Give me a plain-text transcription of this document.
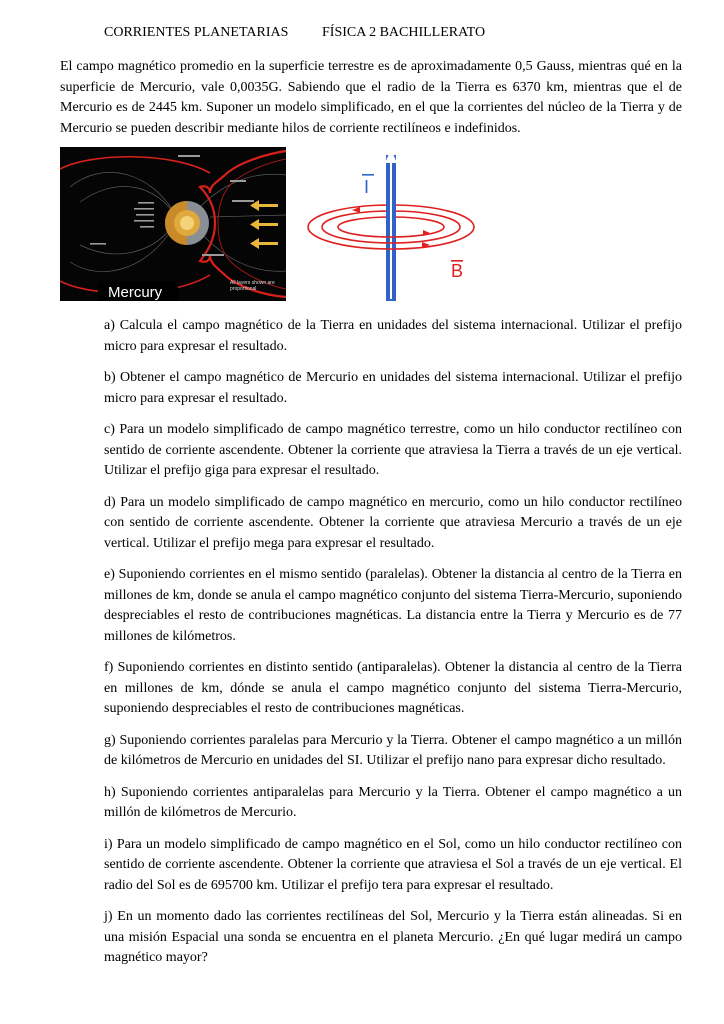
CORRIENTES PLANETARIAS FÍSICA 2 BACHILLERATO

El campo magnético promedio en la superficie terrestre es de aproximadamente 0,5 Gauss, mientras qué en la superficie de Mercurio, vale 0,0035G. Sabiendo que el radio de la Tierra es 6370 km, mientras que el de Mercurio es de 2445 km. Suponer un modelo simplificado, en el que la corrientes del núcleo de la Tierra y de Mercurio se pueden describir mediante hilos de corriente rectilíneos e indefinidos.

Mercury
All layers shown are
proportional
I
B

a) Calcula el campo magnético de la Tierra en unidades del sistema internacional. Utilizar el prefijo micro para expresar el resultado.

b) Obtener el campo magnético de Mercurio en unidades del sistema internacional. Utilizar el prefijo micro para expresar el resultado.

c) Para un modelo simplificado de campo magnético terrestre, como un hilo conductor rectilíneo con sentido de corriente ascendente. Obtener la corriente que atraviesa la Tierra a través de un eje vertical. Utilizar el prefijo giga para expresar el resultado.

d) Para un modelo simplificado de campo magnético en mercurio, como un hilo conductor rectilíneo con sentido de corriente ascendente. Obtener la corriente que atraviesa Mercurio a través de un eje vertical. Utilizar el prefijo mega para expresar el resultado.

e) Suponiendo corrientes en el mismo sentido (paralelas). Obtener la distancia al centro de la Tierra en millones de km, donde se anula el campo magnético conjunto del sistema Tierra-Mercurio, suponiendo despreciables el resto de contribuciones magnéticas. La distancia entre la Tierra y Mercurio es de 77 millones de kilómetros.

f) Suponiendo corrientes en distinto sentido (antiparalelas). Obtener la distancia al centro de la Tierra en millones de km, dónde se anula el campo magnético conjunto del sistema Tierra-Mercurio, suponiendo despreciables el resto de contribuciones magnéticas.

g) Suponiendo corrientes paralelas para Mercurio y la Tierra. Obtener el campo magnético a un millón de kilómetros de Mercurio en unidades del SI. Utilizar el prefijo nano para expresar dicho resultado.

h) Suponiendo corrientes antiparalelas para Mercurio y la Tierra. Obtener el campo magnético a un millón de kilómetros de Mercurio.

i) Para un modelo simplificado de campo magnético en el Sol, como un hilo conductor rectilíneo con sentido de corriente ascendente. Obtener la corriente que atraviesa el Sol a través de un eje vertical. El radio del Sol es de 695700 km. Utilizar el prefijo tera para expresar el resultado.

j) En un momento dado las corrientes rectilíneas del Sol, Mercurio y la Tierra están alineadas. Si en una misión Espacial una sonda se encuentra en el planeta Mercurio. ¿En qué lugar medirá un campo magnético mayor?
